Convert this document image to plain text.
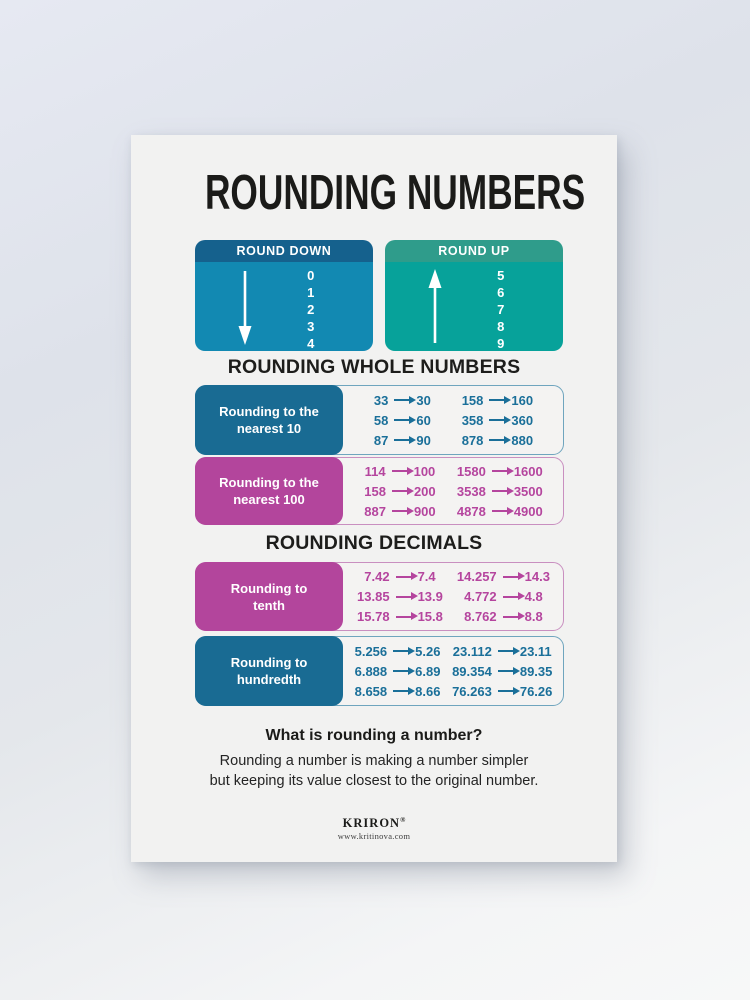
ROUNDING NUMBERS
ROUND DOWN
0
1
2
3
4
ROUND UP
5
6
7
8
9
ROUNDING WHOLE NUMBERS
33 30
58 60
87 90
158 160
358 360
878 880
Rounding to the nearest 10
114 100
158 200
887 900
1580 1600
3538 3500
4878 4900
Rounding to the nearest 100
ROUNDING DECIMALS
7.42 7.4
13.85 13.9
15.78 15.8
14.257 14.3
4.772 4.8
8.762 8.8
Rounding to tenth
5.256 5.26
6.888 6.89
8.658 8.66
23.112 23.11
89.354 89.35
76.263 76.26
Rounding to hundredth
What is rounding a number?
Rounding a number is making a number simpler
but keeping its value closest to the original number.
KRIRON®
www.kritinova.com
